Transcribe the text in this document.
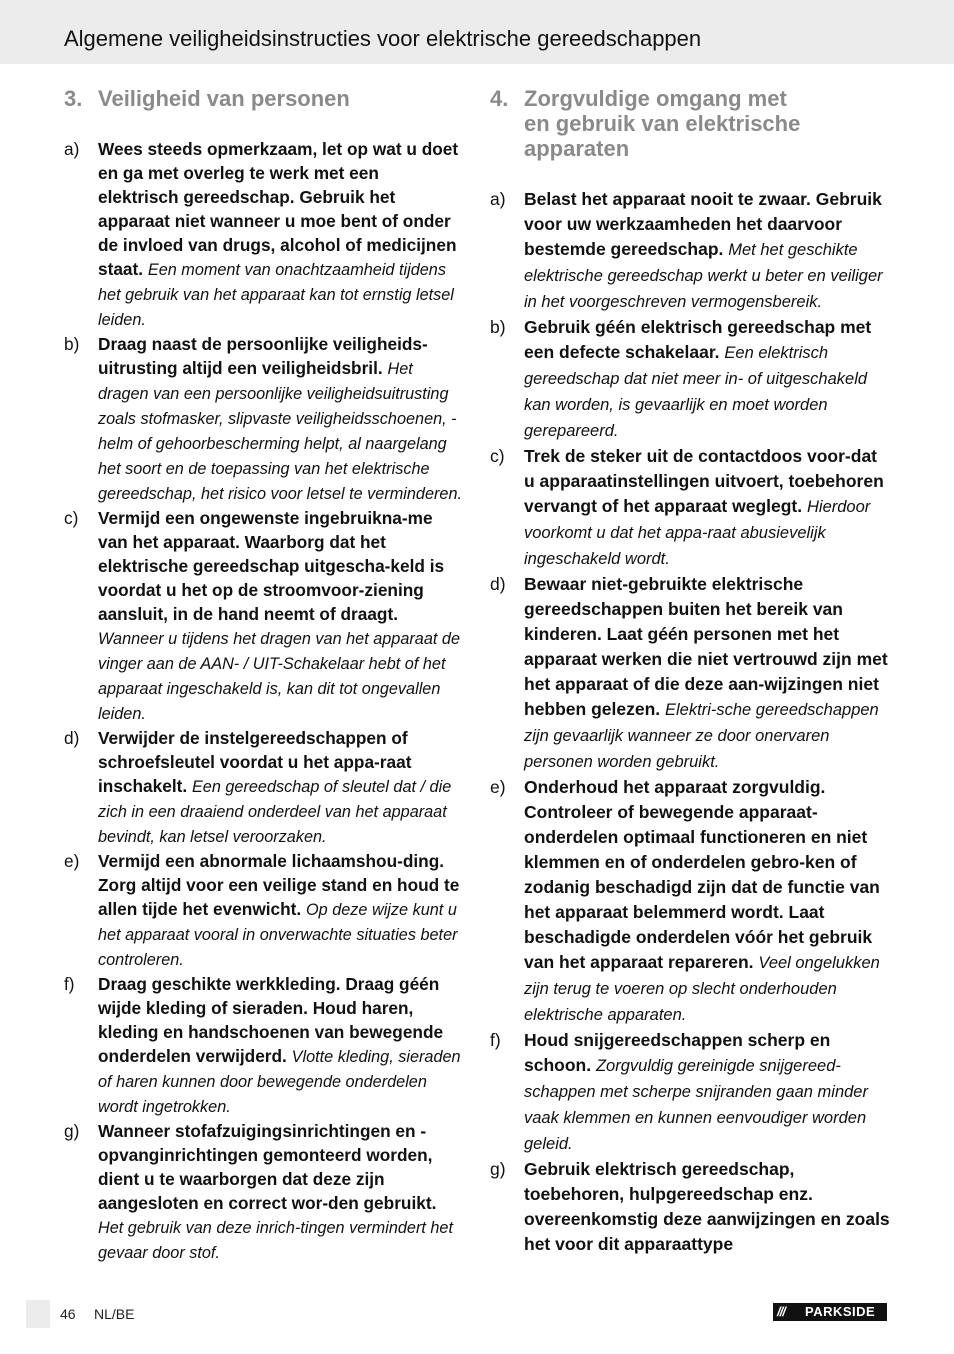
Algemene veiligheidsinstructies voor elektrische gereedschappen
3. Veiligheid van personen
a) Wees steeds opmerkzaam, let op wat u doet en ga met overleg te werk met een elektrisch gereedschap. Gebruik het apparaat niet wanneer u moe bent of onder de invloed van drugs, alcohol of medicijnen staat. Een moment van onachtzaamheid tijdens het gebruik van het apparaat kan tot ernstig letsel leiden.
b) Draag naast de persoonlijke veiligheids-uitrusting altijd een veiligheidsbril. Het dragen van een persoonlijke veiligheidsuitrusting zoals stofmasker, slipvaste veiligheidsschoenen, -helm of gehoorbescherming helpt, al naargelang het soort en de toepassing van het elektrische gereedschap, het risico voor letsel te verminderen.
c) Vermijd een ongewenste ingebruikna-me van het apparaat. Waarborg dat het elektrische gereedschap uitgescha-keld is voordat u het op de stroomvoor-ziening aansluit, in de hand neemt of draagt. Wanneer u tijdens het dragen van het apparaat de vinger aan de AAN- / UIT-Schakelaar hebt of het apparaat ingeschakeld is, kan dit tot ongevallen leiden.
d) Verwijder de instelgereedschappen of schroefsleutel voordat u het appa-raat inschakelt. Een gereedschap of sleutel dat / die zich in een draaiend onderdeel van het apparaat bevindt, kan letsel veroorzaken.
e) Vermijd een abnormale lichaamshou-ding. Zorg altijd voor een veilige stand en houd te allen tijde het evenwicht. Op deze wijze kunt u het apparaat vooral in onverwachte situaties beter controleren.
f) Draag geschikte werkkleding. Draag géén wijde kleding of sieraden. Houd haren, kleding en handschoenen van bewegende onderdelen verwijderd. Vlotte kleding, sieraden of haren kunnen door bewegende onderdelen wordt ingetrokken.
g) Wanneer stofafzuigingsinrichtingen en -opvanginrichtingen gemonteerd worden, dient u te waarborgen dat deze zijn aangesloten en correct wor-den gebruikt. Het gebruik van deze inrich-tingen vermindert het gevaar door stof.
4. Zorgvuldige omgang met
en gebruik van elektrische
apparaten
a) Belast het apparaat nooit te zwaar. Gebruik voor uw werkzaamheden het daarvoor bestemde gereedschap. Met het geschikte elektrische gereedschap werkt u beter en veiliger in het voorgeschreven vermogensbereik.
b) Gebruik géén elektrisch gereedschap met een defecte schakelaar. Een elektrisch gereedschap dat niet meer in- of uitgeschakeld kan worden, is gevaarlijk en moet worden gerepareerd.
c) Trek de steker uit de contactdoos voor-dat u apparaatinstellingen uitvoert, toebehoren vervangt of het apparaat weglegt. Hierdoor voorkomt u dat het appa-raat abusievelijk ingeschakeld wordt.
d) Bewaar niet-gebruikte elektrische gereedschappen buiten het bereik van kinderen. Laat géén personen met het apparaat werken die niet vertrouwd zijn met het apparaat of die deze aan-wijzingen niet hebben gelezen. Elektri-sche gereedschappen zijn gevaarlijk wanneer ze door onervaren personen worden gebruikt.
e) Onderhoud het apparaat zorgvuldig. Controleer of bewegende apparaat-onderdelen optimaal functioneren en niet klemmen en of onderdelen gebro-ken of zodanig beschadigd zijn dat de functie van het apparaat belemmerd wordt. Laat beschadigde onderdelen vóór het gebruik van het apparaat repareren. Veel ongelukken zijn terug te voeren op slecht onderhouden elektrische apparaten.
f) Houd snijgereedschappen scherp en schoon. Zorgvuldig gereinigde snijgereed-schappen met scherpe snijranden gaan minder vaak klemmen en kunnen eenvoudiger worden geleid.
g) Gebruik elektrisch gereedschap, toebehoren, hulpgereedschap enz. overeenkomstig deze aanwijzingen en zoals het voor dit apparaattype
46 NL/BE	///	PARKSIDE
